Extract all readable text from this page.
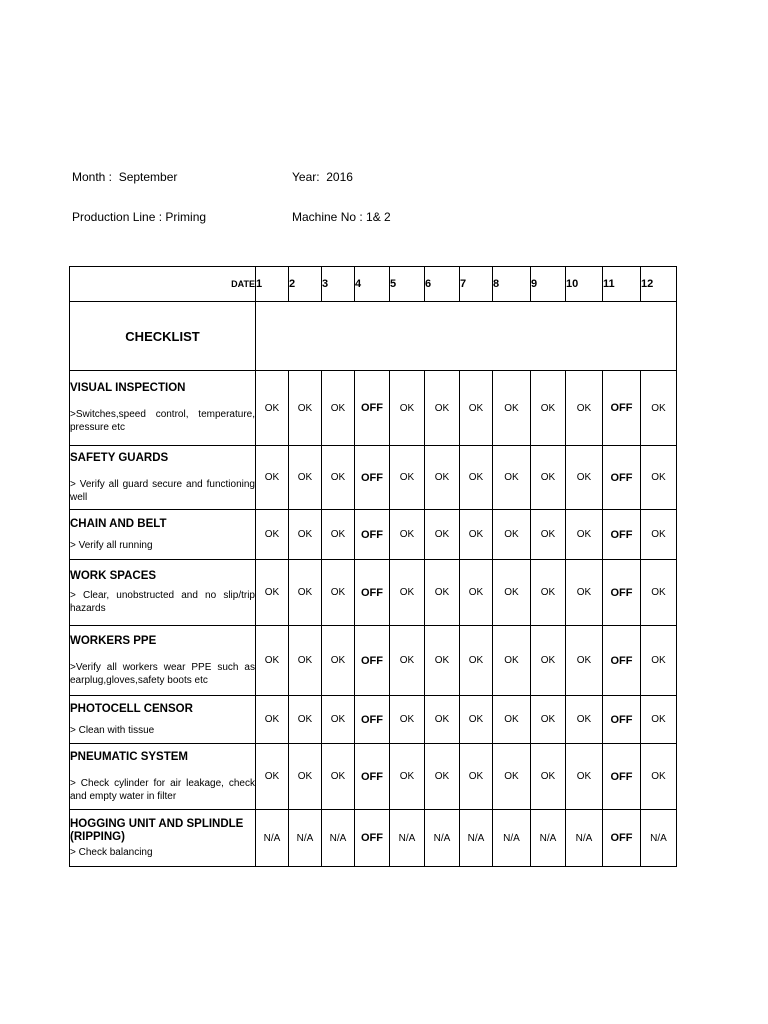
Month :  September	Year:  2016
Production Line : Priming	Machine No : 1& 2
DATE	1	2	3	4	5	6	7	8	9	10	11	12
CHECKLIST												

VISUAL INSPECTION
>Switches,speed control, temperature, pressure etc	OK	OK	OK	OFF	OK	OK	OK	OK	OK	OK	OFF	OK

SAFETY GUARDS
> Verify all guard secure and functioning well	OK	OK	OK	OFF	OK	OK	OK	OK	OK	OK	OFF	OK

CHAIN AND BELT
> Verify all running	OK	OK	OK	OFF	OK	OK	OK	OK	OK	OK	OFF	OK

WORK SPACES
> Clear, unobstructed and no slip/trip hazards	OK	OK	OK	OFF	OK	OK	OK	OK	OK	OK	OFF	OK

WORKERS PPE
>Verify all workers wear PPE such as earplug,gloves,safety boots etc	OK	OK	OK	OFF	OK	OK	OK	OK	OK	OK	OFF	OK

PHOTOCELL CENSOR
> Clean with tissue	OK	OK	OK	OFF	OK	OK	OK	OK	OK	OK	OFF	OK

PNEUMATIC SYSTEM
> Check cylinder for air leakage, check and empty water in filter	OK	OK	OK	OFF	OK	OK	OK	OK	OK	OK	OFF	OK

HOGGING UNIT AND SPLINDLE (RIPPING)
> Check balancing	N/A	N/A	N/A	OFF	N/A	N/A	N/A	N/A	N/A	N/A	OFF	N/A
